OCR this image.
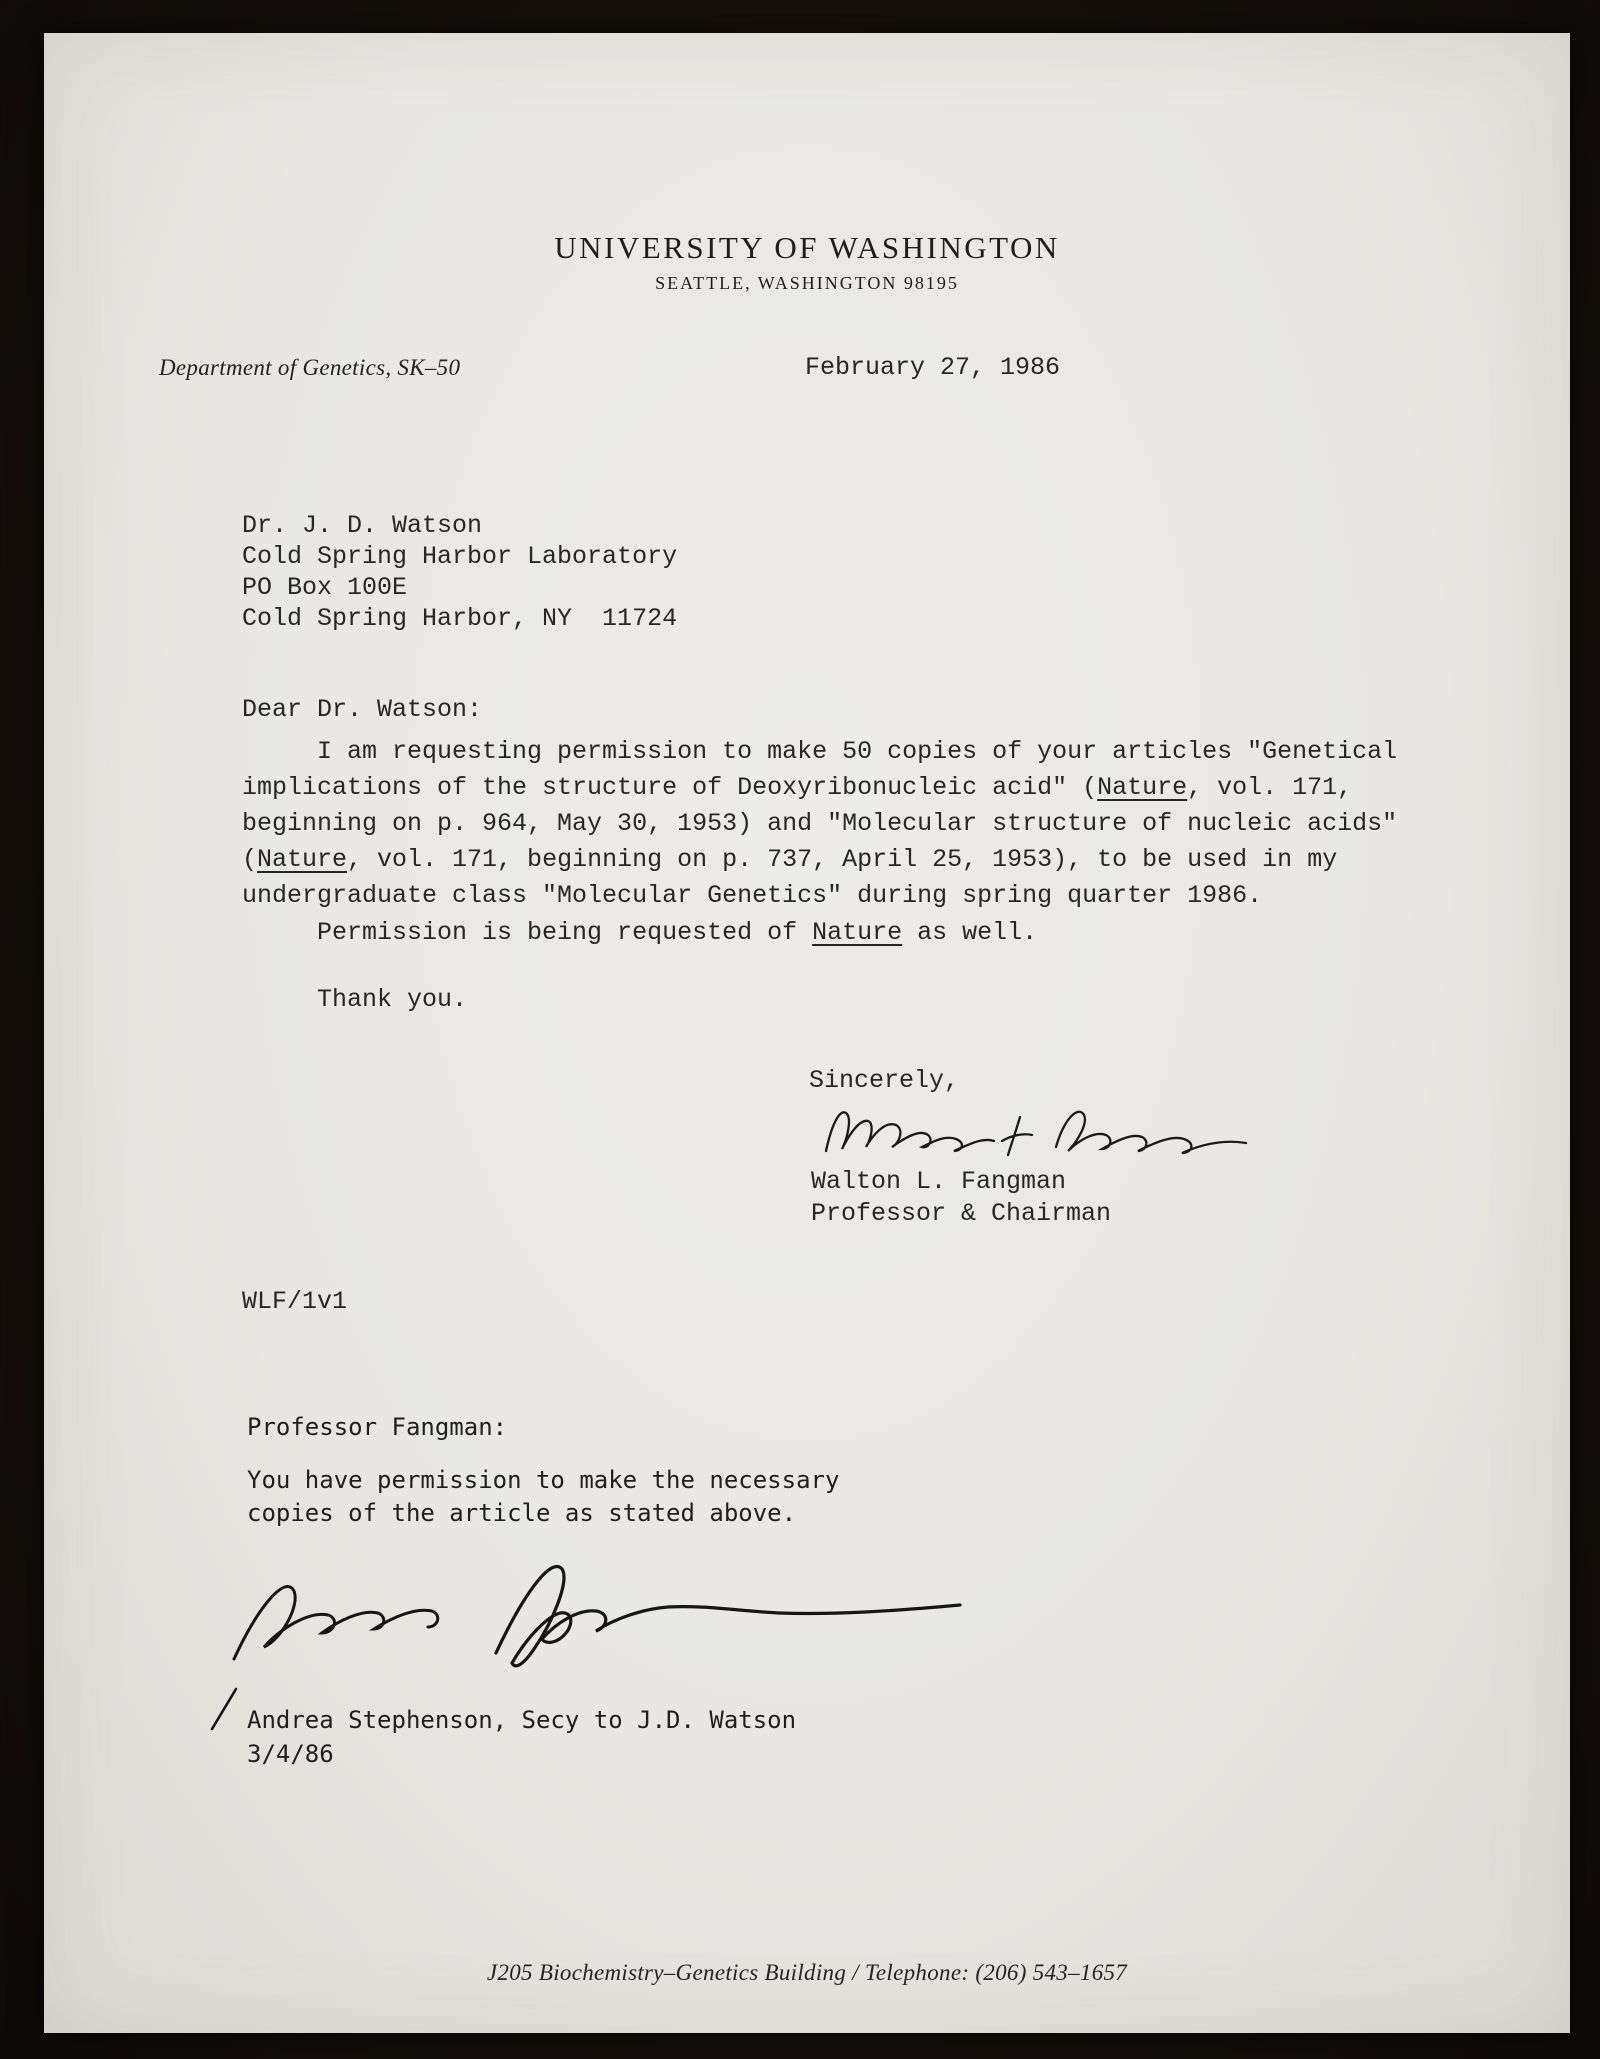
UNIVERSITY OF WASHINGTON
SEATTLE, WASHINGTON 98195
Department of Genetics, SK–50	February 27, 1986
Dr. J. D. Watson
Cold Spring Harbor Laboratory
PO Box 100E
Cold Spring Harbor, NY  11724
Dear Dr. Watson:
I am requesting permission to make 50 copies of your articles "Genetical
implications of the structure of Deoxyribonucleic acid" (Nature, vol. 171,
beginning on p. 964, May 30, 1953) and "Molecular structure of nucleic acids"
(Nature, vol. 171, beginning on p. 737, April 25, 1953), to be used in my
undergraduate class "Molecular Genetics" during spring quarter 1986.
Permission is being requested of Nature as well.
Thank you.
Sincerely,
Walton L. Fangman
Professor & Chairman
WLF/1v1
Professor Fangman:
You have permission to make the necessary
copies of the article as stated above.
Andrea Stephenson, Secy to J.D. Watson
3/4/86
J205 Biochemistry–Genetics Building / Telephone: (206) 543–1657
